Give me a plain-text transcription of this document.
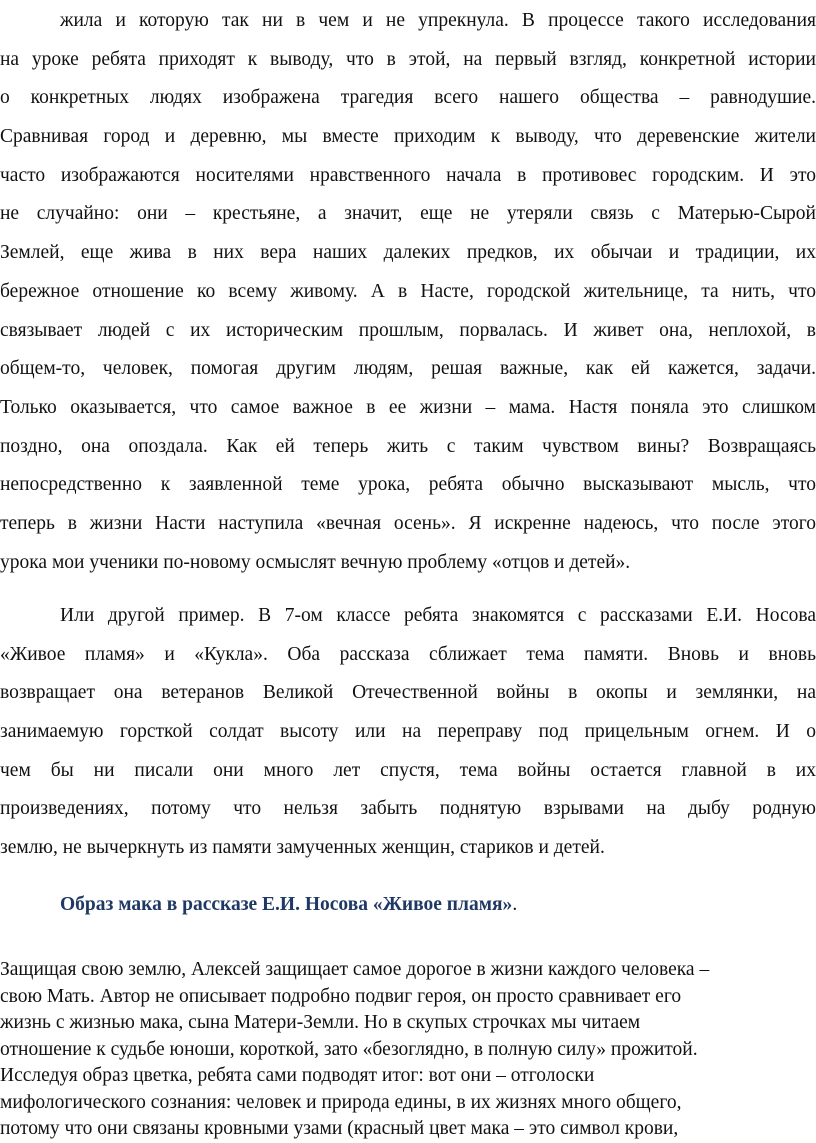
жила и которую так ни в чем и не упрекнула. В процессе такого исследования
на уроке ребята приходят к выводу, что в этой, на первый взгляд, конкретной истории
о конкретных людях изображена трагедия всего нашего общества – равнодушие.
Сравнивая город и деревню, мы вместе приходим к выводу, что деревенские жители
часто изображаются носителями нравственного начала в противовес городским. И это
не случайно: они – крестьяне, а значит, еще не утеряли связь с Матерью-Сырой
Землей, еще жива в них вера наших далеких предков, их обычаи и традиции, их
бережное отношение ко всему живому. А в Насте, городской жительнице, та нить, что
связывает людей с их историческим прошлым, порвалась. И живет она, неплохой, в
общем-то, человек, помогая другим людям, решая важные, как ей кажется, задачи.
Только оказывается, что самое важное в ее жизни – мама. Настя поняла это слишком
поздно, она опоздала. Как ей теперь жить с таким чувством вины? Возвращаясь
непосредственно к заявленной теме урока, ребята обычно высказывают мысль, что
теперь в жизни Насти наступила «вечная осень». Я искренне надеюсь, что после этого
урока мои ученики по-новому осмыслят вечную проблему «отцов и детей».
Или другой пример. В 7-ом классе ребята знакомятся с рассказами Е.И. Носова
«Живое пламя» и «Кукла». Оба рассказа сближает тема памяти. Вновь и вновь
возвращает она ветеранов Великой Отечественной войны в окопы и землянки, на
занимаемую горсткой солдат высоту или на переправу под прицельным огнем. И о
чем бы ни писали они много лет спустя, тема войны остается главной в их
произведениях, потому что нельзя забыть поднятую взрывами на дыбу родную
землю, не вычеркнуть из памяти замученных женщин, стариков и детей.
Образ мака в рассказе Е.И. Носова «Живое пламя».
Защищая свою землю, Алексей защищает самое дорогое в жизни каждого человека –
свою Мать. Автор не описывает подробно подвиг героя, он просто сравнивает его
жизнь с жизнью мака, сына Матери-Земли. Но в скупых строчках мы читаем
отношение к судьбе юноши, короткой, зато «безоглядно, в полную силу» прожитой.
Исследуя образ цветка, ребята сами подводят итог: вот они – отголоски
мифологического сознания: человек и природа едины, в их жизнях много общего,
потому что они связаны кровными узами (красный цвет мака – это символ крови,
